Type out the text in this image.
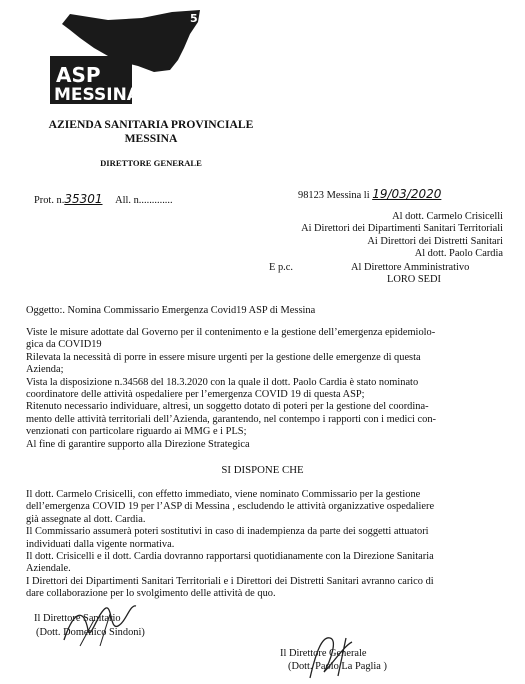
ASP
MESSINA
5
AZIENDA SANITARIA PROVINCIALE
MESSINA
DIRETTORE GENERALE
Prot. n.35301 All. n.............	98123 Messina li 19/03/2020
Al dott. Carmelo Crisicelli
Ai Direttori dei Dipartimenti Sanitari Territoriali
Ai Direttori dei Distretti Sanitari
Al dott. Paolo Cardia
E p.c.	Al Direttore Amministrativo
LORO SEDI
Oggetto:. Nomina Commissario Emergenza Covid19 ASP di Messina

Viste le misure adottate dal Governo per il contenimento e la gestione dell’emergenza epidemiolo-

gica da COVID19

Rilevata la necessità di porre in essere misure urgenti per la gestione delle emergenze di questa

Azienda;

Vista la disposizione n.34568 del 18.3.2020 con la quale il dott. Paolo Cardia è stato nominato

coordinatore delle attività ospedaliere per l’emergenza COVID 19 di questa ASP;

Ritenuto necessario individuare, altresì, un soggetto dotato di poteri per la gestione del coordina-

mento delle attività territoriali dell’Azienda, garantendo, nel contempo i rapporti con i medici con-

venzionati con particolare riguardo ai MMG e i PLS;

Al fine di garantire supporto alla Direzione Strategica

SI DISPONE CHE

Il dott. Carmelo Crisicelli, con effetto immediato, viene nominato Commissario per la gestione

dell’emergenza COVID 19 per l’ASP di Messina , escludendo le attività organizzative ospedaliere

già assegnate al dott. Cardia.

Il Commissario assumerà poteri sostitutivi in caso di inadempienza da parte dei soggetti attuatori

individuati dalla vigente normativa.

Il dott. Crisicelli e il dott. Cardia dovranno rapportarsi quotidianamente con la Direzione Sanitaria

Aziendale.

I Direttori dei Dipartimenti Sanitari Territoriali e i Direttori dei Distretti Sanitari avranno carico di

dare collaborazione per lo svolgimento delle attività de quo.

Il Direttore Sanitario
(Dott. Domenico Sindoni)
Il Direttore Generale
(Dott. Paolo La Paglia )
